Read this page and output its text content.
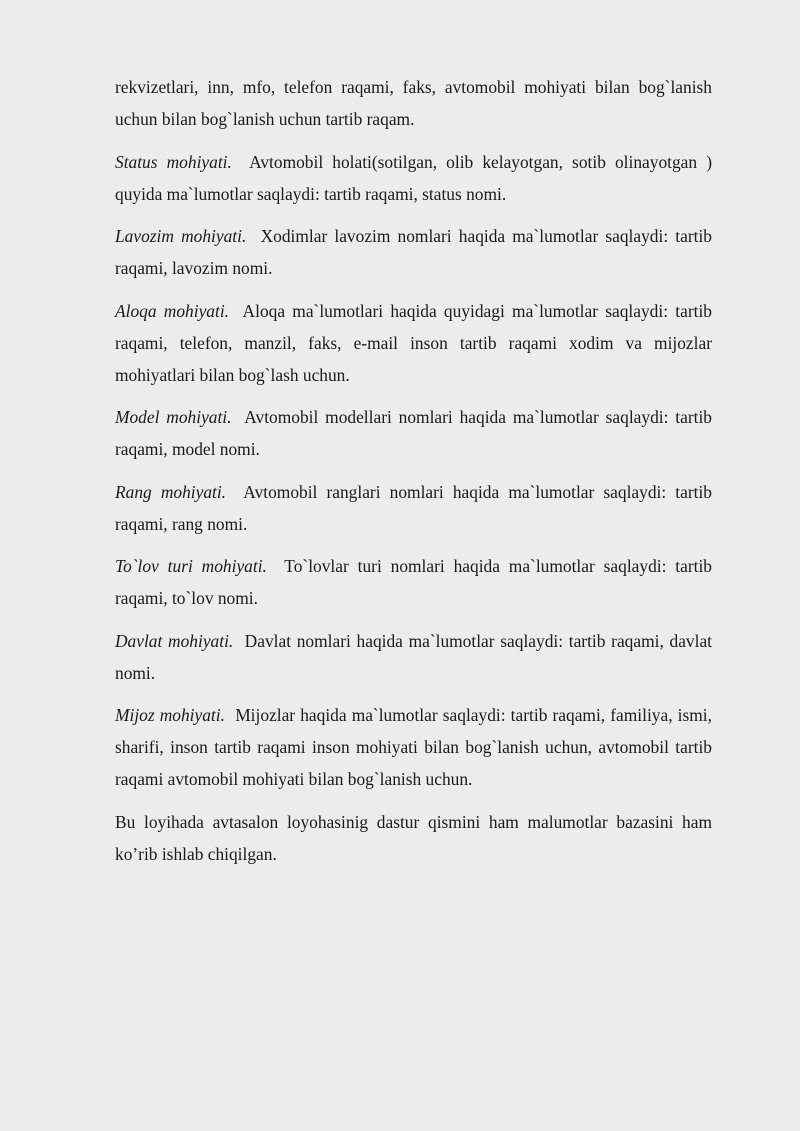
rekvizetlari, inn, mfo, telefon raqami, faks, avtomobil mohiyati bilan bog`lanish uchun bilan bog`lanish uchun tartib raqam.

Status mohiyati. Avtomobil holati(sotilgan, olib kelayotgan, sotib olinayotgan ) quyida ma`lumotlar saqlaydi: tartib raqami, status nomi.

Lavozim mohiyati. Xodimlar lavozim nomlari haqida ma`lumotlar saqlaydi: tartib raqami, lavozim nomi.

Aloqa mohiyati. Aloqa ma`lumotlari haqida quyidagi ma`lumotlar saqlaydi: tartib raqami, telefon, manzil, faks, e-mail inson tartib raqami xodim va mijozlar mohiyatlari bilan bog`lash uchun.

Model mohiyati. Avtomobil modellari nomlari haqida ma`lumotlar saqlaydi: tartib raqami, model nomi.

Rang mohiyati. Avtomobil ranglari nomlari haqida ma`lumotlar saqlaydi: tartib raqami, rang nomi.

To`lov turi mohiyati. To`lovlar turi nomlari haqida ma`lumotlar saqlaydi: tartib raqami, to`lov nomi.

Davlat mohiyati. Davlat nomlari haqida ma`lumotlar saqlaydi: tartib raqami, davlat nomi.

Mijoz mohiyati. Mijozlar haqida ma`lumotlar saqlaydi: tartib raqami, familiya, ismi, sharifi, inson tartib raqami inson mohiyati bilan bog`lanish uchun, avtomobil tartib raqami avtomobil mohiyati bilan bog`lanish uchun.

Bu loyihada avtasalon loyohasinig dastur qismini ham malumotlar bazasini ham ko’rib ishlab chiqilgan.
